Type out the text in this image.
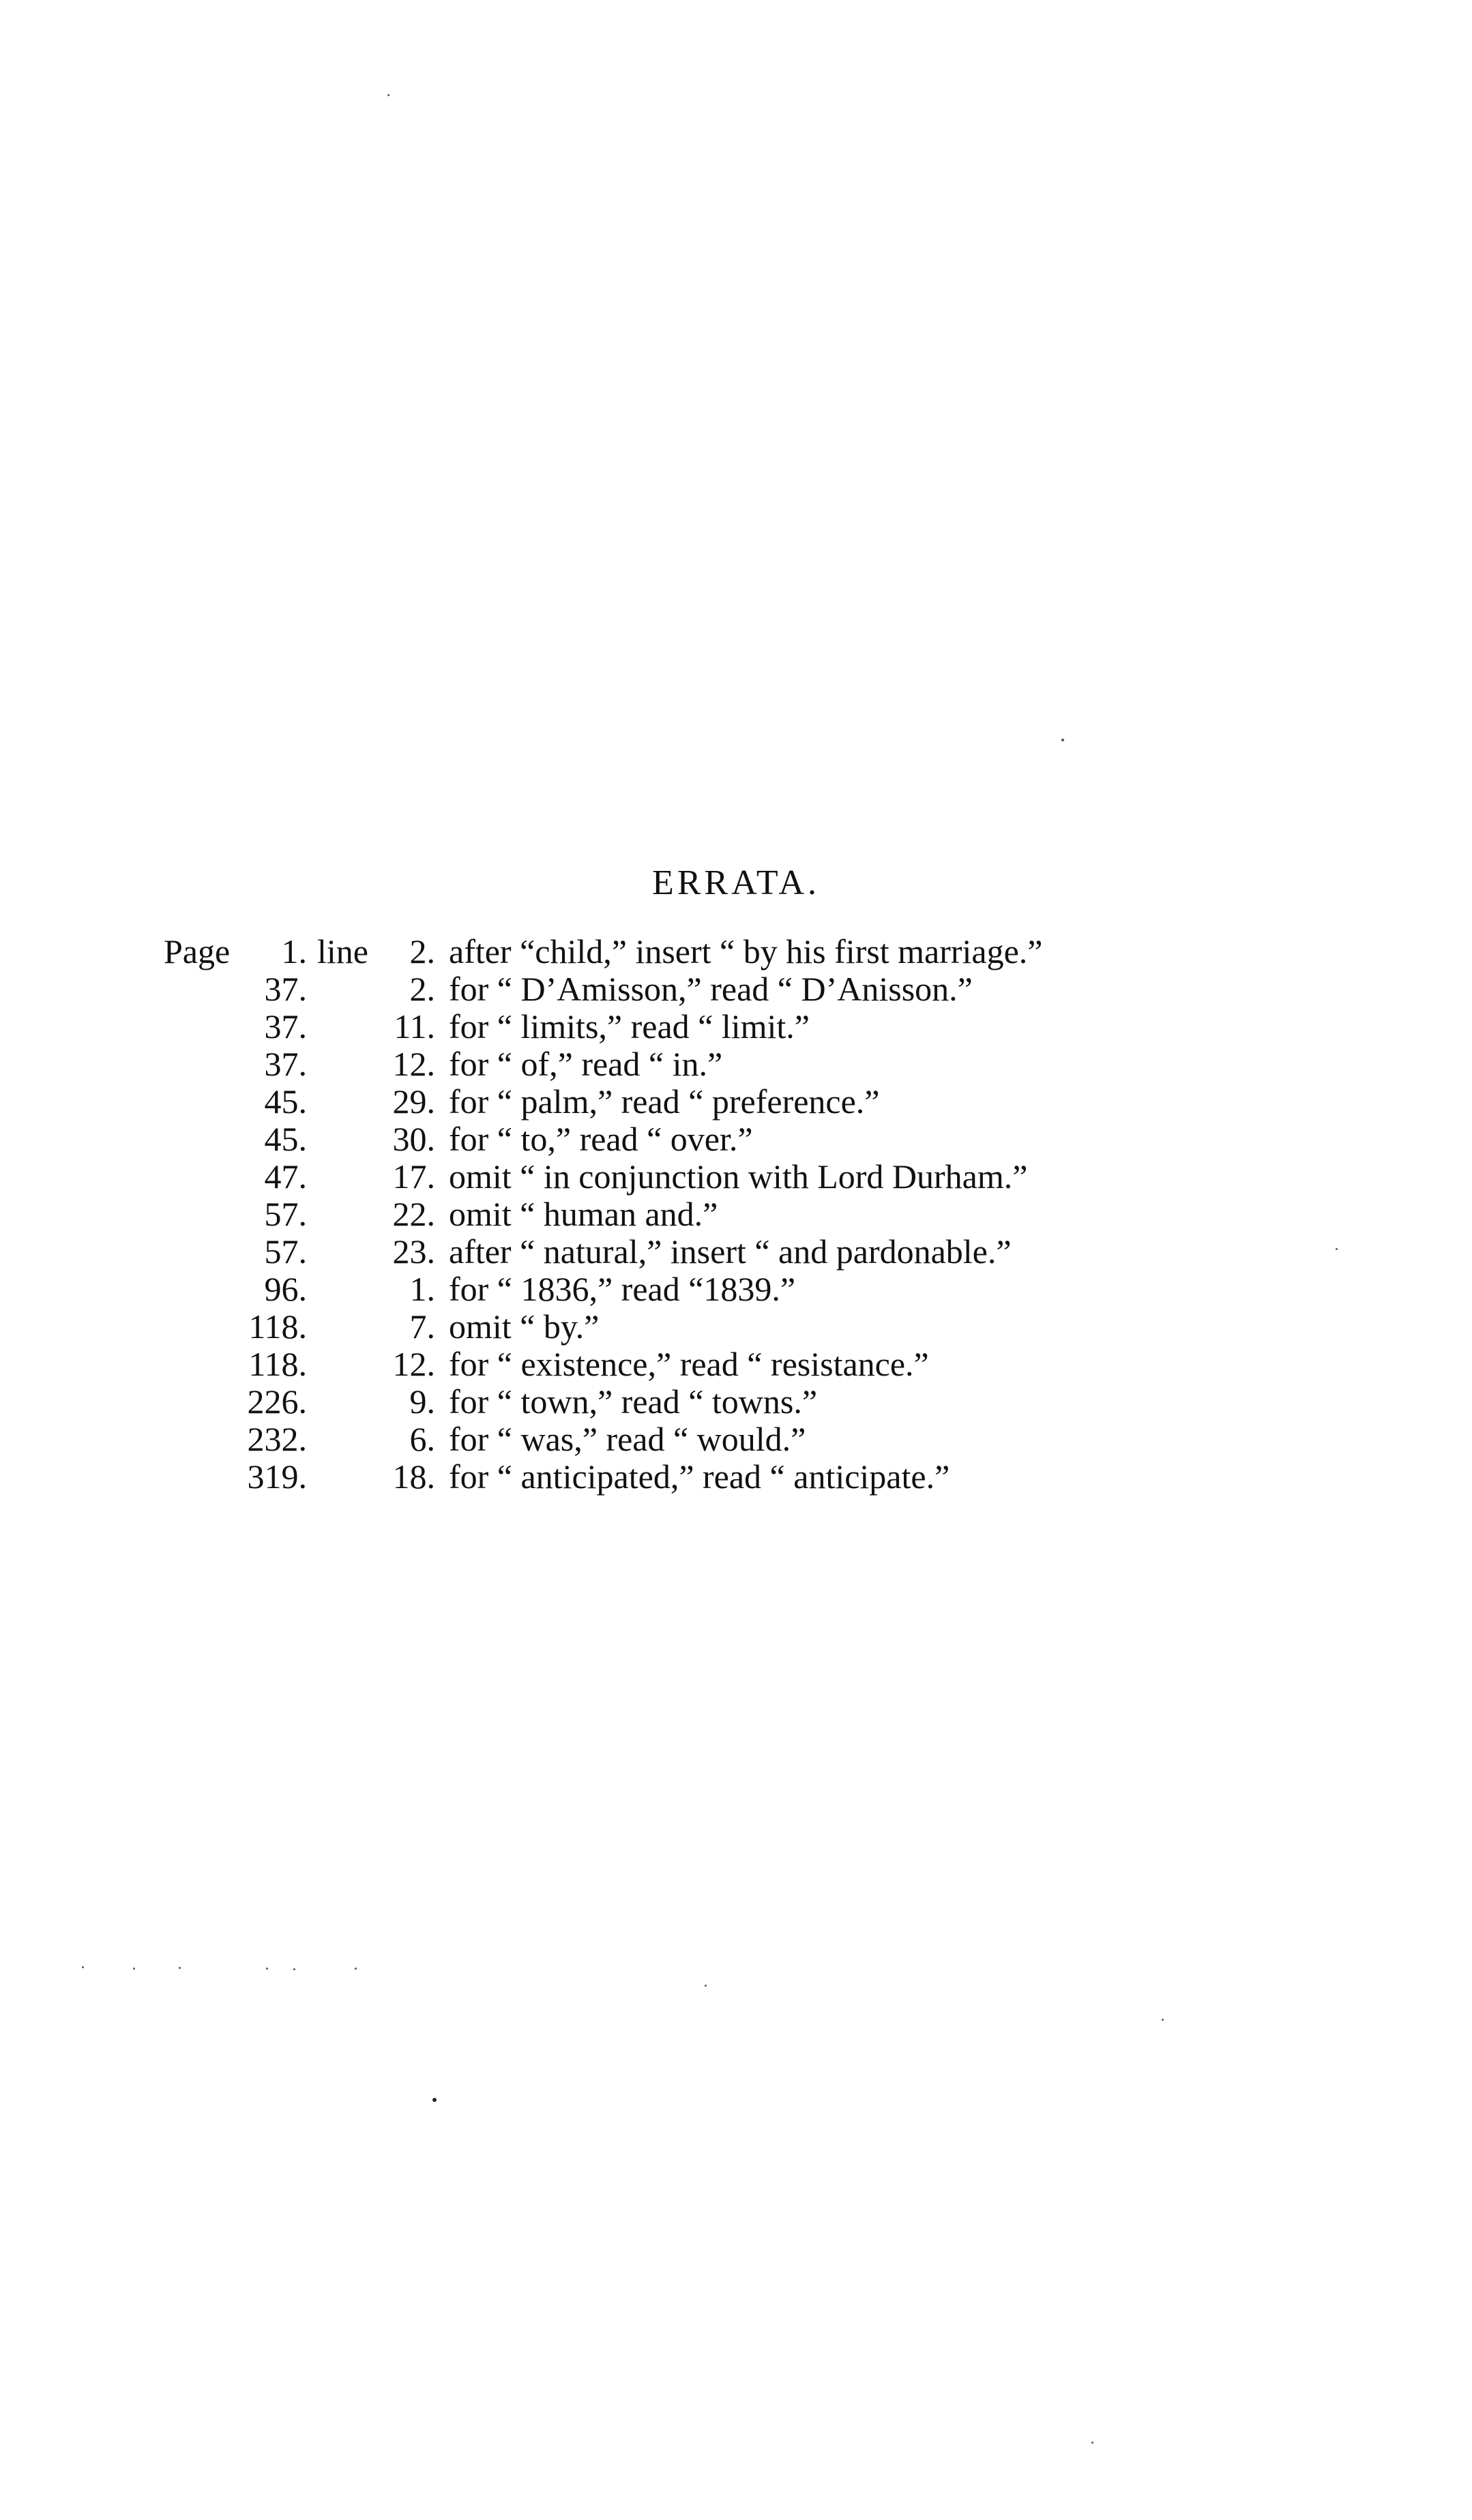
ERRATA.
Page	1. line	2. after “child,” insert “ by his first marriage.”
37.	2. for “ D’Amisson,” read “ D’Anisson.”
37.	11. for “ limits,” read “ limit.”
37.	12. for “ of,” read “ in.”
45.	29. for “ palm,” read “ preference.”
45.	30. for “ to,” read “ over.”
47.	17. omit “ in conjunction with Lord Durham.”
57.	22. omit “ human and.”
57.	23. after “ natural,” insert “ and pardonable.”
96.	1. for “ 1836,” read “1839.”
118.	7. omit “ by.”
118.	12. for “ existence,” read “ resistance.”
226.	9. for “ town,” read “ towns.”
232.	6. for “ was,” read “ would.”
319.	18. for “ anticipated,” read “ anticipate.”
